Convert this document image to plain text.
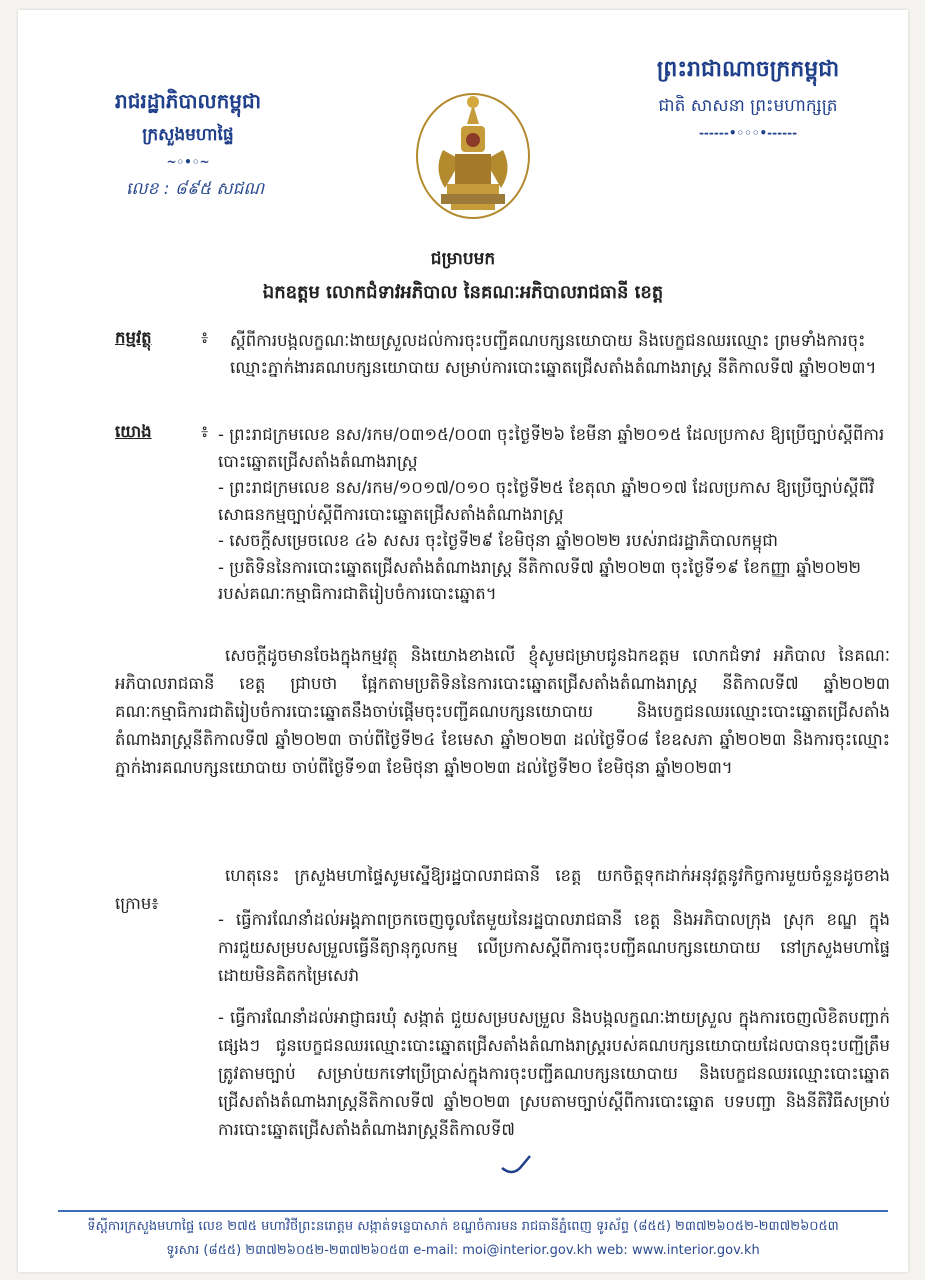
រាជរដ្ឋាភិបាលកម្ពុជា
ក្រសួងមហាផ្ទៃ
~◦•◦~
លេខ : ៨៩៥ សជណ
ព្រះរាជាណាចក្រកម្ពុជា
ជាតិ សាសនា ព្រះមហាក្សត្រ
------•◦◦◦•------
ជម្រាបមក
ឯកឧត្តម លោកជំទាវអភិបាល នៃគណៈអភិបាលរាជធានី ខេត្ត
កម្មវត្ថុ	៖ ស្តីពីការបង្កលក្ខណៈងាយស្រួលដល់ការចុះបញ្ជីគណបក្សនយោបាយ និងបេក្ខជនឈរឈ្មោះ ព្រមទាំងការចុះឈ្មោះភ្នាក់ងារគណបក្សនយោបាយ សម្រាប់ការបោះឆ្នោតជ្រើសតាំងតំណាងរាស្ត្រ នីតិកាលទី៧ ឆ្នាំ២០២៣។
យោង	៖ - ព្រះរាជក្រមលេខ នស/រកម/០៣១៥/០០៣ ចុះថ្ងៃទី២៦ ខែមីនា ឆ្នាំ២០១៥ ដែលប្រកាស ឱ្យប្រើច្បាប់ស្តីពីការបោះឆ្នោតជ្រើសតាំងតំណាងរាស្ត្រ
- ព្រះរាជក្រមលេខ នស/រកម/១០១៧/០១០ ចុះថ្ងៃទី២៥ ខែតុលា ឆ្នាំ២០១៧ ដែលប្រកាស ឱ្យប្រើច្បាប់ស្តីពីវិសោធនកម្មច្បាប់ស្តីពីការបោះឆ្នោតជ្រើសតាំងតំណាងរាស្ត្រ
- សេចក្តីសម្រេចលេខ ៤៦ សសរ ចុះថ្ងៃទី២៩ ខែមិថុនា ឆ្នាំ២០២២ របស់រាជរដ្ឋាភិបាលកម្ពុជា
- ប្រតិទិននៃការបោះឆ្នោតជ្រើសតាំងតំណាងរាស្ត្រ នីតិកាលទី៧ ឆ្នាំ២០២៣ ចុះថ្ងៃទី១៩ ខែកញ្ញា ឆ្នាំ២០២២ របស់គណៈកម្មាធិការជាតិរៀបចំការបោះឆ្នោត។
សេចក្តីដូចមានចែងក្នុងកម្មវត្ថុ និងយោងខាងលើ ខ្ញុំសូមជម្រាបជូនឯកឧត្តម លោកជំទាវ អភិបាល នៃគណៈអភិបាលរាជធានី ខេត្ត ជ្រាបថា ផ្អែកតាមប្រតិទិននៃការបោះឆ្នោតជ្រើសតាំងតំណាងរាស្ត្រ នីតិកាលទី៧ ឆ្នាំ២០២៣ គណៈកម្មាធិការជាតិរៀបចំការបោះឆ្នោតនឹងចាប់ផ្តើមចុះបញ្ជីគណបក្សនយោបាយ និងបេក្ខជនឈរឈ្មោះបោះឆ្នោតជ្រើសតាំងតំណាងរាស្ត្រនីតិកាលទី៧ ឆ្នាំ២០២៣ ចាប់ពីថ្ងៃទី២៤ ខែមេសា ឆ្នាំ២០២៣ ដល់ថ្ងៃទី០៨ ខែឧសភា ឆ្នាំ២០២៣ និងការចុះឈ្មោះភ្នាក់ងារគណបក្សនយោបាយ ចាប់ពីថ្ងៃទី១៣ ខែមិថុនា ឆ្នាំ២០២៣ ដល់ថ្ងៃទី២០ ខែមិថុនា ឆ្នាំ២០២៣។
ហេតុនេះ ក្រសួងមហាផ្ទៃសូមស្នើឱ្យរដ្ឋបាលរាជធានី ខេត្ត យកចិត្តទុកដាក់អនុវត្តនូវកិច្ចការមួយចំនួនដូចខាងក្រោម៖
- ធ្វើការណែនាំដល់អង្គភាពច្រកចេញចូលតែមួយនៃរដ្ឋបាលរាជធានី ខេត្ត និងអភិបាលក្រុង ស្រុក ខណ្ឌ ក្នុងការជួយសម្របសម្រួលធ្វើនីត្យានុកូលកម្ម លើប្រកាសស្តីពីការចុះបញ្ជីគណបក្សនយោបាយ នៅក្រសួងមហាផ្ទៃ ដោយមិនគិតកម្រៃសេវា
- ធ្វើការណែនាំដល់អាជ្ញាធរឃុំ សង្កាត់ ជួយសម្របសម្រួល និងបង្កលក្ខណៈងាយស្រួល ក្នុងការចេញលិខិតបញ្ជាក់ផ្សេងៗ ជូនបេក្ខជនឈរឈ្មោះបោះឆ្នោតជ្រើសតាំងតំណាងរាស្ត្ររបស់គណបក្សនយោបាយដែលបានចុះបញ្ជីត្រឹមត្រូវតាមច្បាប់ សម្រាប់យកទៅប្រើប្រាស់ក្នុងការចុះបញ្ជីគណបក្សនយោបាយ និងបេក្ខជនឈរឈ្មោះបោះឆ្នោតជ្រើសតាំងតំណាងរាស្ត្រនីតិកាលទី៧ ឆ្នាំ២០២៣ ស្របតាមច្បាប់ស្តីពីការបោះឆ្នោត បទបញ្ជា និងនីតិវិធីសម្រាប់ការបោះឆ្នោតជ្រើសតាំងតំណាងរាស្ត្រនីតិកាលទី៧
ទីស្តីការក្រសួងមហាផ្ទៃ លេខ ២៧៥ មហាវិថីព្រះនរោត្តម សង្កាត់ទន្លេបាសាក់ ខណ្ឌចំការមន រាជធានីភ្នំពេញ ទូរស័ព្ទ (៨៥៥) ២៣៧២៦០៥២-២៣៧២៦០៥៣
ទូរសារ (៨៥៥) ២៣៧២៦០៥២-២៣៧២៦០៥៣ e-mail: moi@interior.gov.kh web: www.interior.gov.kh
